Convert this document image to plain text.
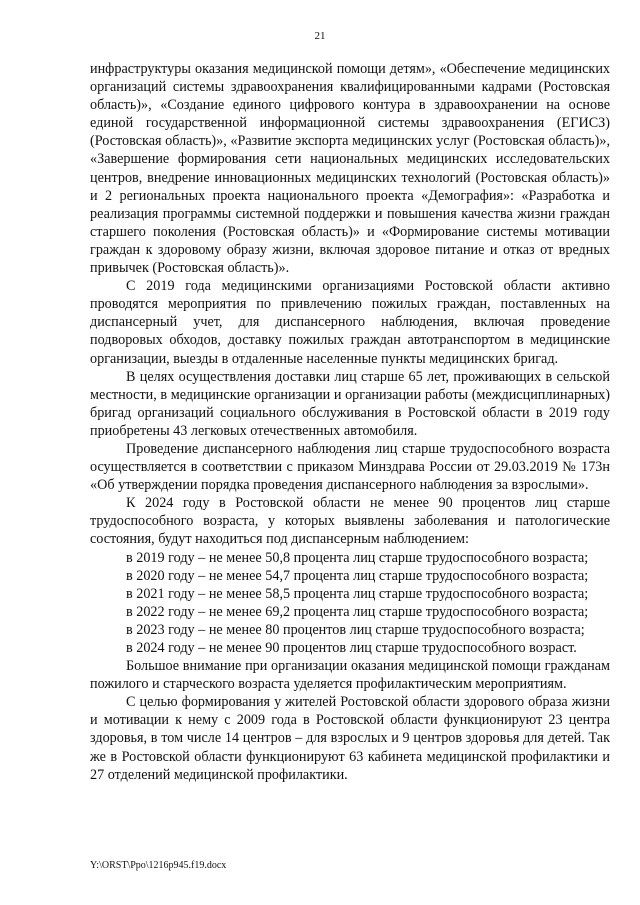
21

инфраструктуры оказания медицинской помощи детям», «Обеспечение медицинских организаций системы здравоохранения квалифицированными кадрами (Ростовская область)», «Создание единого цифрового контура в здравоохранении на основе единой государственной информационной системы здравоохранения (ЕГИСЗ) (Ростовская область)», «Развитие экспорта медицинских услуг (Ростовская область)», «Завершение формирования сети национальных медицинских исследовательских центров, внедрение инновационных медицинских технологий (Ростовская область)» и 2 региональных проекта национального проекта «Демография»: «Разработка и реализация программы системной поддержки и повышения качества жизни граждан старшего поколения (Ростовская область)» и «Формирование системы мотивации граждан к здоровому образу жизни, включая здоровое питание и отказ от вредных привычек (Ростовская область)».

С 2019 года медицинскими организациями Ростовской области активно проводятся мероприятия по привлечению пожилых граждан, поставленных на диспансерный учет, для диспансерного наблюдения, включая проведение подворовых обходов, доставку пожилых граждан автотранспортом в медицинские организации, выезды в отдаленные населенные пункты медицинских бригад.

В целях осуществления доставки лиц старше 65 лет, проживающих в сельской местности, в медицинские организации и организации работы (междисциплинарных) бригад организаций социального обслуживания в Ростовской области в 2019 году приобретены 43 легковых отечественных автомобиля.

Проведение диспансерного наблюдения лиц старше трудоспособного возраста осуществляется в соответствии с приказом Минздрава России от 29.03.2019 № 173н «Об утверждении порядка проведения диспансерного наблюдения за взрослыми».

К 2024 году в Ростовской области не менее 90 процентов лиц старше трудоспособного возраста, у которых выявлены заболевания и патологические состояния, будут находиться под диспансерным наблюдением:

в 2019 году – не менее 50,8 процента лиц старше трудоспособного возраста;

в 2020 году – не менее 54,7 процента лиц старше трудоспособного возраста;

в 2021 году – не менее 58,5 процента лиц старше трудоспособного возраста;

в 2022 году – не менее 69,2 процента лиц старше трудоспособного возраста;

в 2023 году – не менее 80 процентов лиц старше трудоспособного возраста;

в 2024 году – не менее 90 процентов лиц старше трудоспособного возраст.

Большое внимание при организации оказания медицинской помощи гражданам пожилого и старческого возраста уделяется профилактическим мероприятиям.

С целью формирования у жителей Ростовской области здорового образа жизни и мотивации к нему с 2009 года в Ростовской области функционируют 23 центра здоровья, в том числе 14 центров – для взрослых и 9 центров здоровья для детей. Так же в Ростовской области функционируют 63 кабинета медицинской профилактики и 27 отделений медицинской профилактики.

Y:\ORST\Ppo\1216p945.f19.docx
